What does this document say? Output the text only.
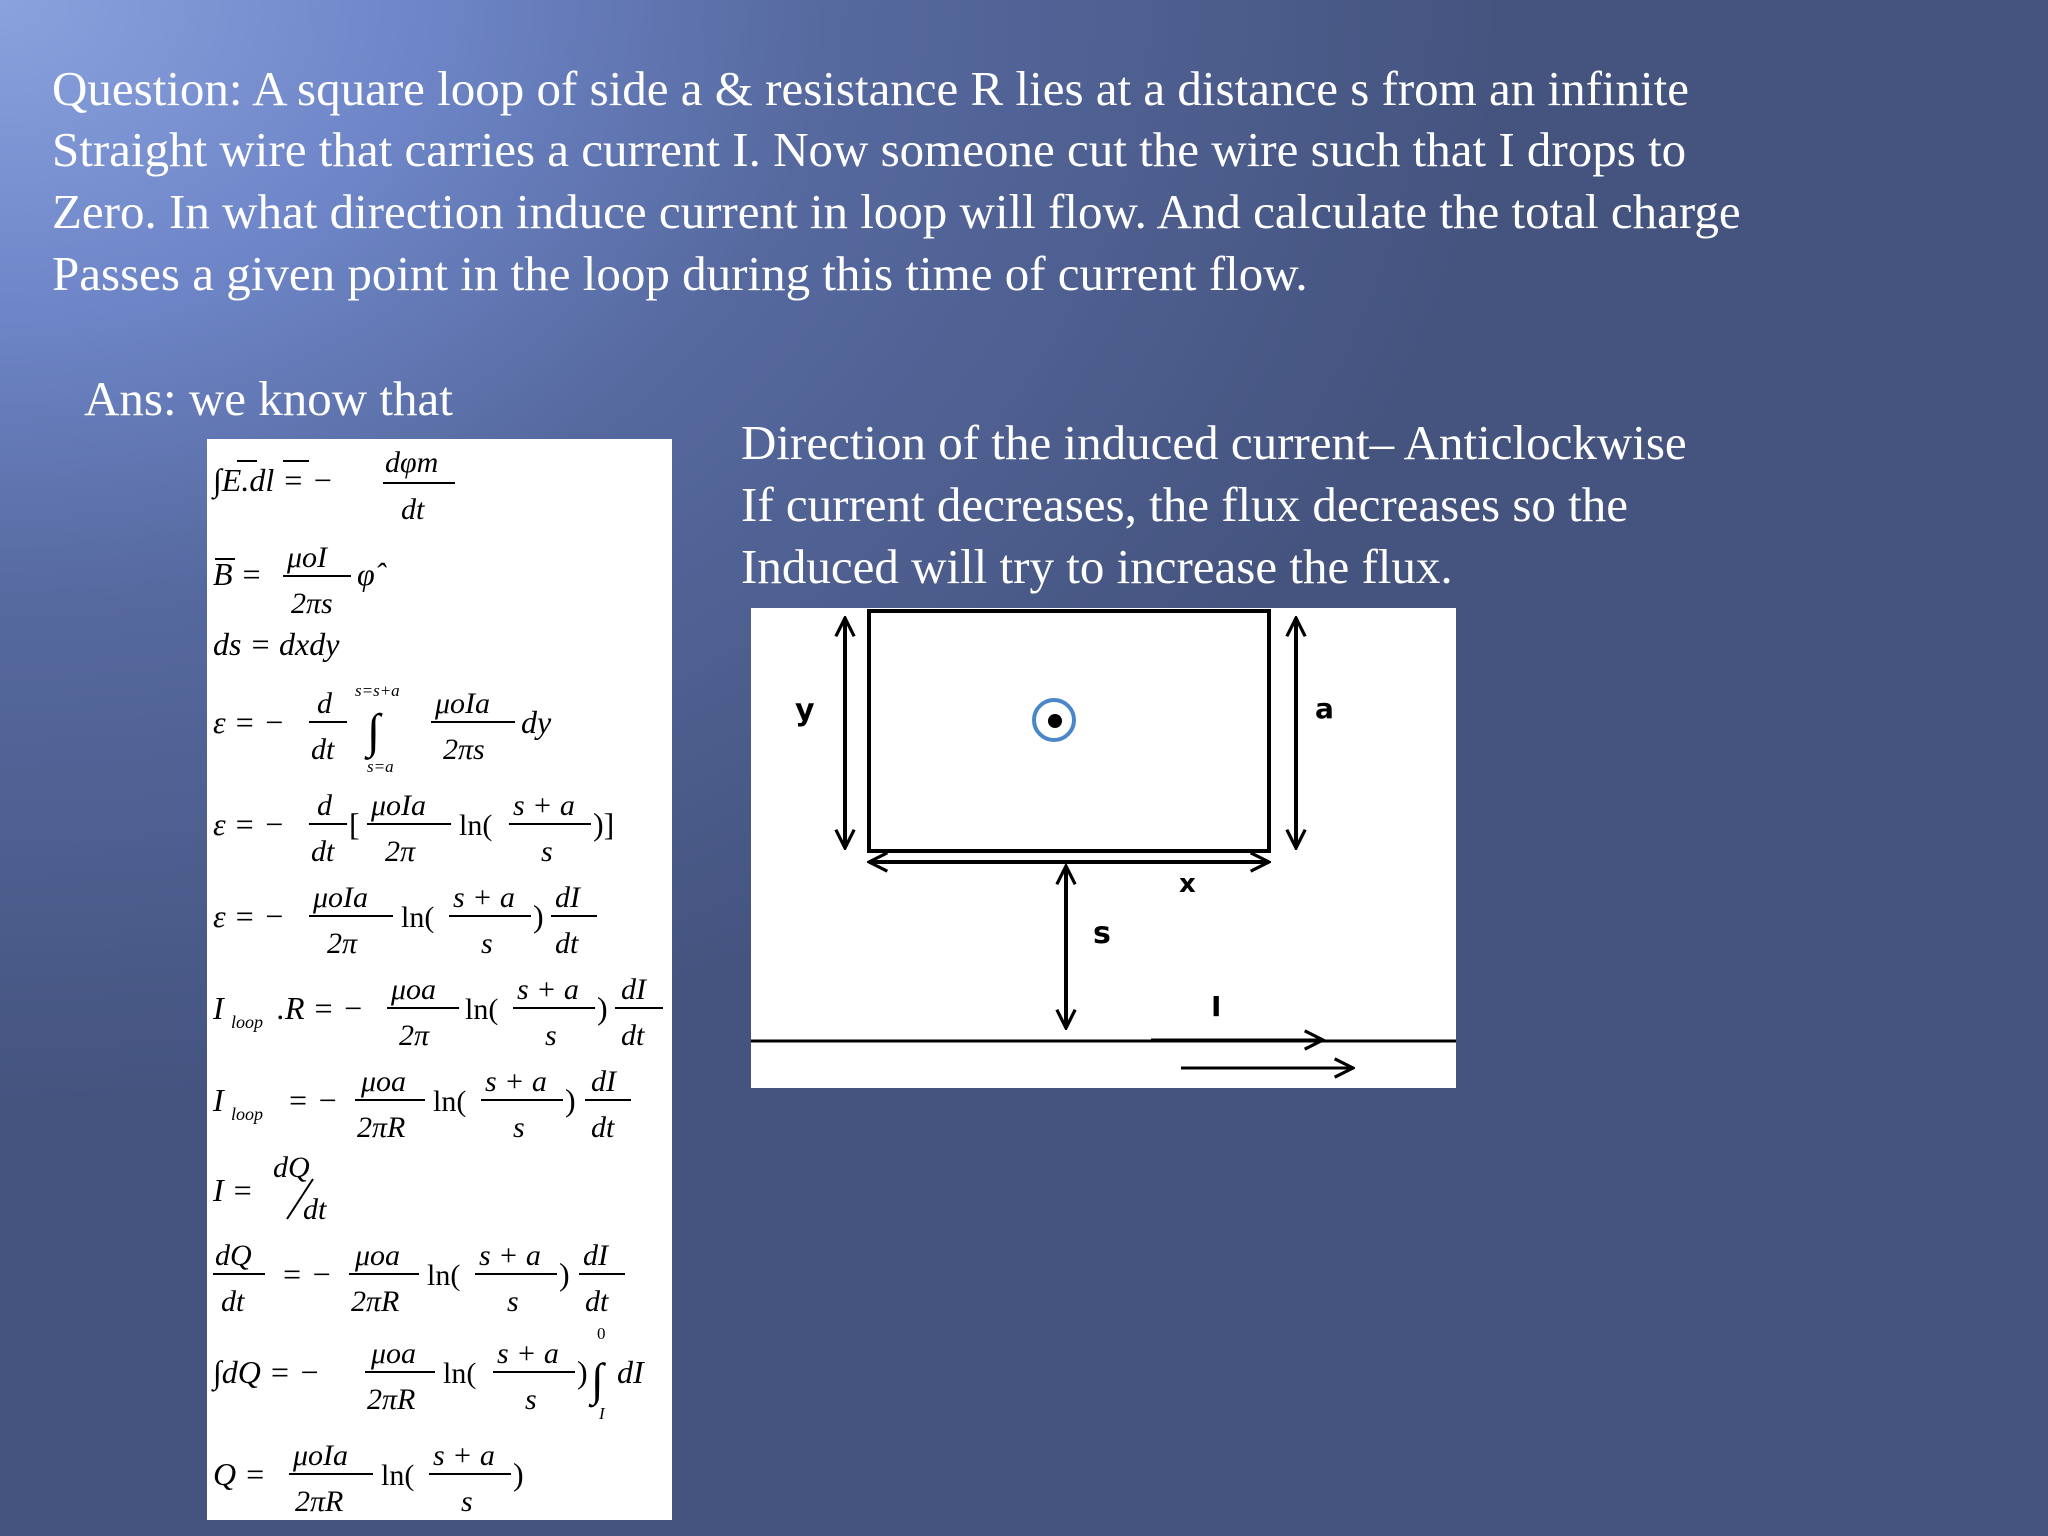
Question: A square loop of side a & resistance R lies at a distance s from an infinite
Straight wire that carries a current I. Now someone cut the wire such that I drops to
Zero. In what direction induce current in loop will flow. And calculate the total charge
Passes a given point in the loop during this time of current flow.
Ans: we know that
∫E.dl = − dφm
dt
B = μoI
2πs
φ̂
ds = dxdy
ε = −
d
dt
s=s+a
∫
s=a
μoIa
2πs
dy
ε = −
d
dt
[
μoIa
2π
ln(
s + a
s
)]
ε = −
μoIa
2π
ln(
s + a
s
)
dI
dt
I loop .R = −
μoa
2π
ln(
s + a
s
)
dI
dt
I loop = −
μoa
2πR
ln(
s + a
s
)
dI
dt
I =
dQ
dt
dQ
dt
= −
μoa
2πR
ln(
s + a
s
)
dI
dt
∫dQ = −
μoa
2πR
ln(
s + a
s
)
0
∫
I
dI
Q =
μoIa
2πR
ln(
s + a
s
)
Direction of the induced current– Anticlockwise
If current decreases, the flux decreases so the
Induced will try to increase the flux.
y	a
x
s
I
